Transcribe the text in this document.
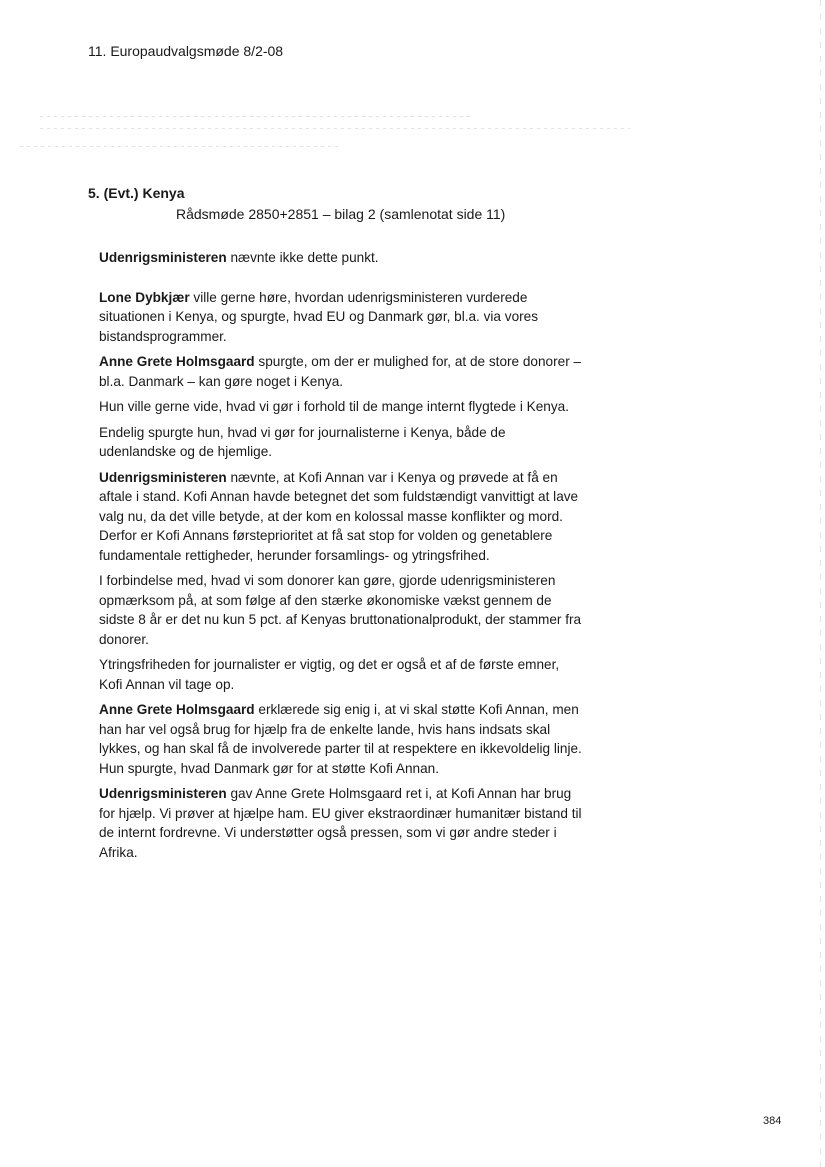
11. Europaudvalgsmøde 8/2-08
5. (Evt.) Kenya
Rådsmøde 2850+2851 – bilag 2 (samlenotat side 11)

Udenrigsministeren nævnte ikke dette punkt.

Lone Dybkjær ville gerne høre, hvordan udenrigsministeren vurderede situationen i Kenya, og spurgte, hvad EU og Danmark gør, bl.a. via vores bistandsprogrammer.

Anne Grete Holmsgaard spurgte, om der er mulighed for, at de store donorer – bl.a. Danmark – kan gøre noget i Kenya.

Hun ville gerne vide, hvad vi gør i forhold til de mange internt flygtede i Kenya.

Endelig spurgte hun, hvad vi gør for journalisterne i Kenya, både de udenlandske og de hjemlige.

Udenrigsministeren nævnte, at Kofi Annan var i Kenya og prøvede at få en aftale i stand. Kofi Annan havde betegnet det som fuldstændigt vanvittigt at lave valg nu, da det ville betyde, at der kom en kolossal masse konflikter og mord. Derfor er Kofi Annans førsteprioritet at få sat stop for volden og genetablere fundamentale rettigheder, herunder forsamlings- og ytringsfrihed.

I forbindelse med, hvad vi som donorer kan gøre, gjorde udenrigsministeren opmærksom på, at som følge af den stærke økonomiske vækst gennem de sidste 8 år er det nu kun 5 pct. af Kenyas bruttonationalprodukt, der stammer fra donorer.

Ytringsfriheden for journalister er vigtig, og det er også et af de første emner, Kofi Annan vil tage op.

Anne Grete Holmsgaard erklærede sig enig i, at vi skal støtte Kofi Annan, men han har vel også brug for hjælp fra de enkelte lande, hvis hans indsats skal lykkes, og han skal få de involverede parter til at respektere en ikkevoldelig linje. Hun spurgte, hvad Danmark gør for at støtte Kofi Annan.

Udenrigsministeren gav Anne Grete Holmsgaard ret i, at Kofi Annan har brug for hjælp. Vi prøver at hjælpe ham. EU giver ekstraordinær humanitær bistand til de internt fordrevne. Vi understøtter også pressen, som vi gør andre steder i Afrika.

384
